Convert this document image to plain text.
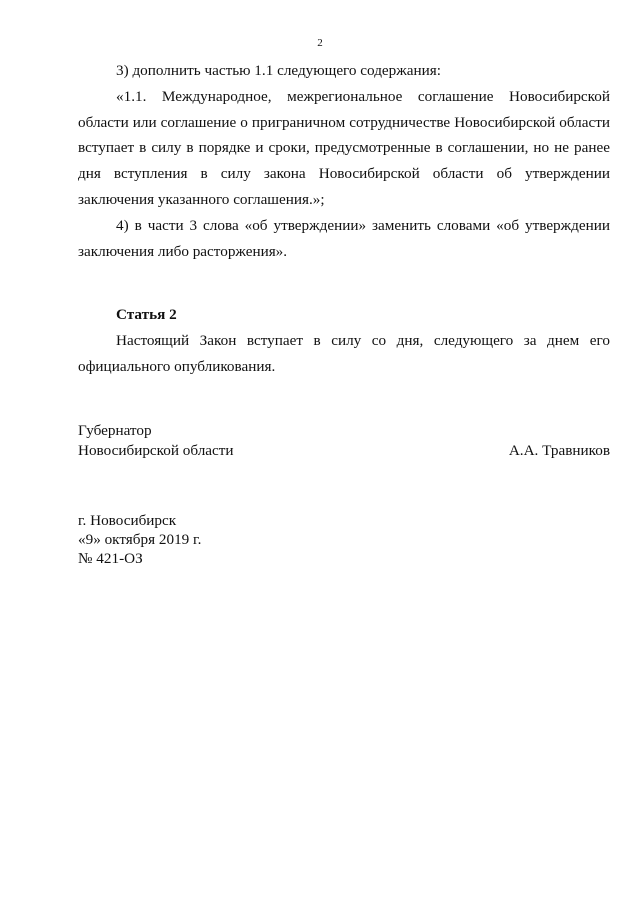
2

3) дополнить частью 1.1 следующего содержания:

«1.1. Международное, межрегиональное соглашение Новосибирской области или соглашение о приграничном сотрудничестве Новосибирской области вступает в силу в порядке и сроки, предусмотренные в соглашении, но не ранее дня вступления в силу закона Новосибирской области об утверждении заключения указанного соглашения.»;

4) в части 3 слова «об утверждении» заменить словами «об утверждении заключения либо расторжения».

Статья 2

Настоящий Закон вступает в силу со дня, следующего за днем его официального опубликования.

Губернатор
Новосибирской области	А.А. Травников
г. Новосибирск
«9» октября 2019 г.
№ 421-ОЗ
